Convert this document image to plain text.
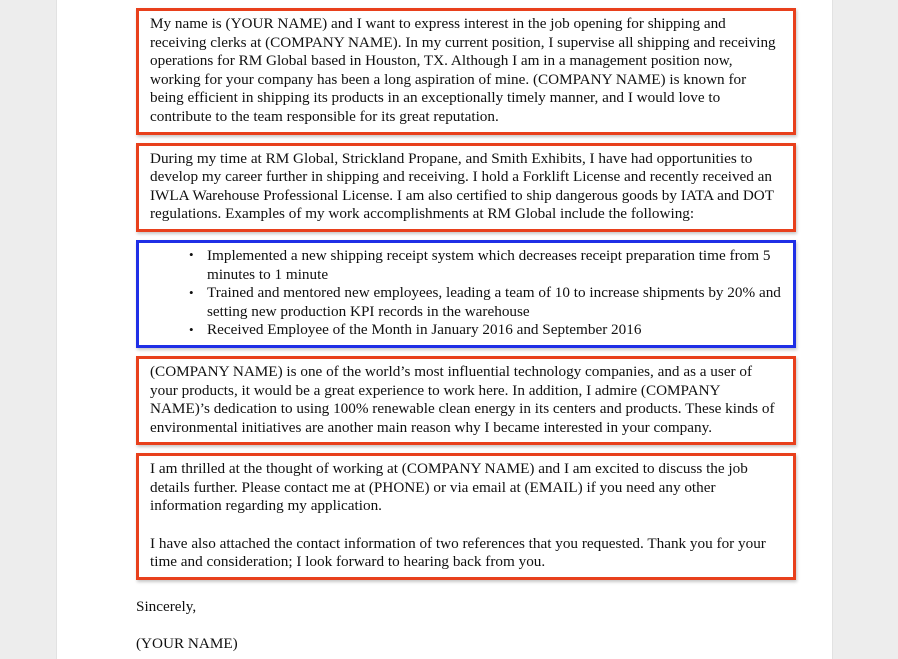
My name is (YOUR NAME) and I want to express interest in the job opening for shipping and receiving clerks at (COMPANY NAME). In my current position, I supervise all shipping and receiving operations for RM Global based in Houston, TX. Although I am in a management position now, working for your company has been a long aspiration of mine. (COMPANY NAME) is known for being efficient in shipping its products in an exceptionally timely manner, and I would love to contribute to the team responsible for its great reputation.

During my time at RM Global, Strickland Propane, and Smith Exhibits, I have had opportunities to develop my career further in shipping and receiving. I hold a Forklift License and recently received an IWLA Warehouse Professional License. I am also certified to ship dangerous goods by IATA and DOT regulations. Examples of my work accomplishments at RM Global include the following:

• Implemented a new shipping receipt system which decreases receipt preparation time from 5 minutes to 1 minute
• Trained and mentored new employees, leading a team of 10 to increase shipments by 20% and setting new production KPI records in the warehouse
• Received Employee of the Month in January 2016 and September 2016

(COMPANY NAME) is one of the world’s most influential technology companies, and as a user of your products, it would be a great experience to work here. In addition, I admire (COMPANY NAME)’s dedication to using 100% renewable clean energy in its centers and products. These kinds of environmental initiatives are another main reason why I became interested in your company.

I am thrilled at the thought of working at (COMPANY NAME) and I am excited to discuss the job details further. Please contact me at (PHONE) or via email at (EMAIL) if you need any other information regarding my application.

I have also attached the contact information of two references that you requested. Thank you for your time and consideration; I look forward to hearing back from you.

Sincerely,

(YOUR NAME)
